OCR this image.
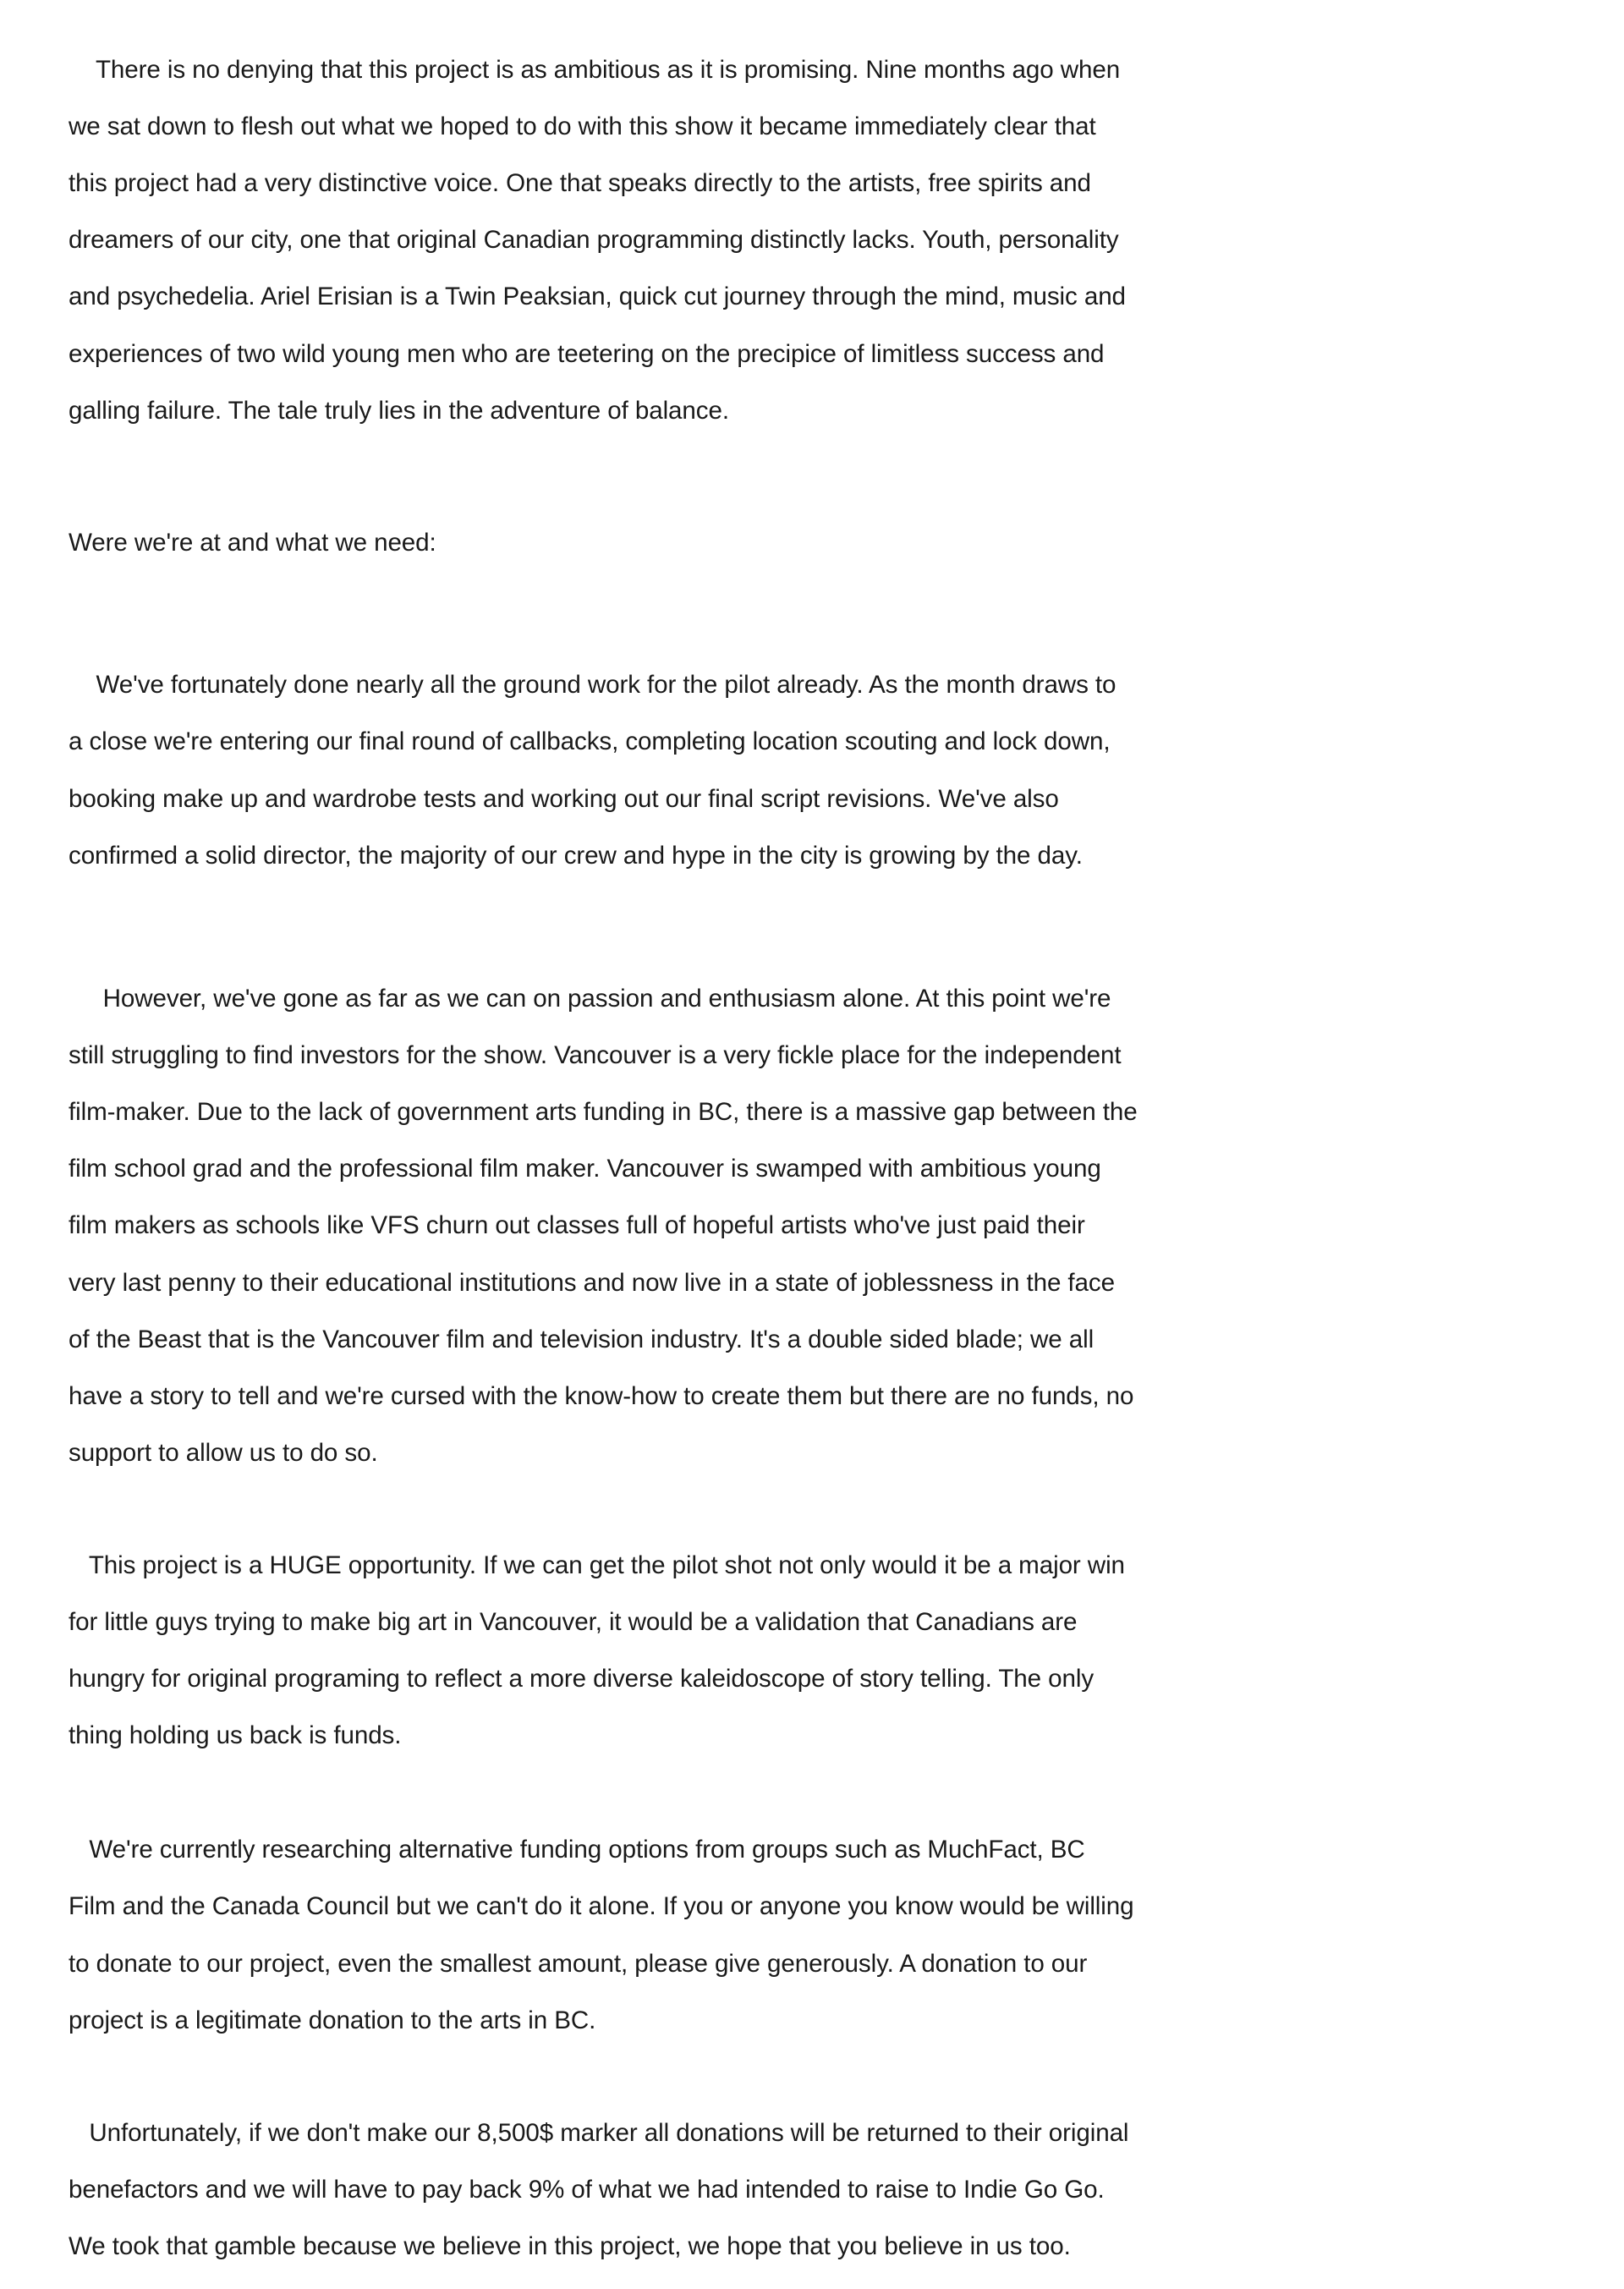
There is no denying that this project is as ambitious as it is promising. Nine months ago when

we sat down to flesh out what we hoped to do with this show it became immediately clear that

this project had a very distinctive voice. One that speaks directly to the artists, free spirits and

dreamers of our city, one that original Canadian programming distinctly lacks. Youth, personality

and psychedelia. Ariel Erisian is a Twin Peaksian, quick cut journey through the mind, music and

experiences of two wild young men who are teetering on the precipice of limitless success and

galling failure. The tale truly lies in the adventure of balance.

Were we're at and what we need:

We've fortunately done nearly all the ground work for the pilot already. As the month draws to

a close we're entering our final round of callbacks, completing location scouting and lock down,

booking make up and wardrobe tests and working out our final script revisions. We've also

confirmed a solid director, the majority of our crew and hype in the city is growing by the day.

However, we've gone as far as we can on passion and enthusiasm alone. At this point we're

still struggling to find investors for the show. Vancouver is a very fickle place for the independent

film-maker. Due to the lack of government arts funding in BC, there is a massive gap between the

film school grad and the professional film maker. Vancouver is swamped with ambitious young

film makers as schools like VFS churn out classes full of hopeful artists who've just paid their

very last penny to their educational institutions and now live in a state of joblessness in the face

of the Beast that is the Vancouver film and television industry. It's a double sided blade; we all

have a story to tell and we're cursed with the know-how to create them but there are no funds, no

support to allow us to do so.

This project is a HUGE opportunity. If we can get the pilot shot not only would it be a major win

for little guys trying to make big art in Vancouver, it would be a validation that Canadians are

hungry for original programing to reflect a more diverse kaleidoscope of story telling. The only

thing holding us back is funds.

We're currently researching alternative funding options from groups such as MuchFact, BC

Film and the Canada Council but we can't do it alone. If you or anyone you know would be willing

to donate to our project, even the smallest amount, please give generously. A donation to our

project is a legitimate donation to the arts in BC.

Unfortunately, if we don't make our 8,500$ marker all donations will be returned to their original

benefactors and we will have to pay back 9% of what we had intended to raise to Indie Go Go.

We took that gamble because we believe in this project, we hope that you believe in us too.
